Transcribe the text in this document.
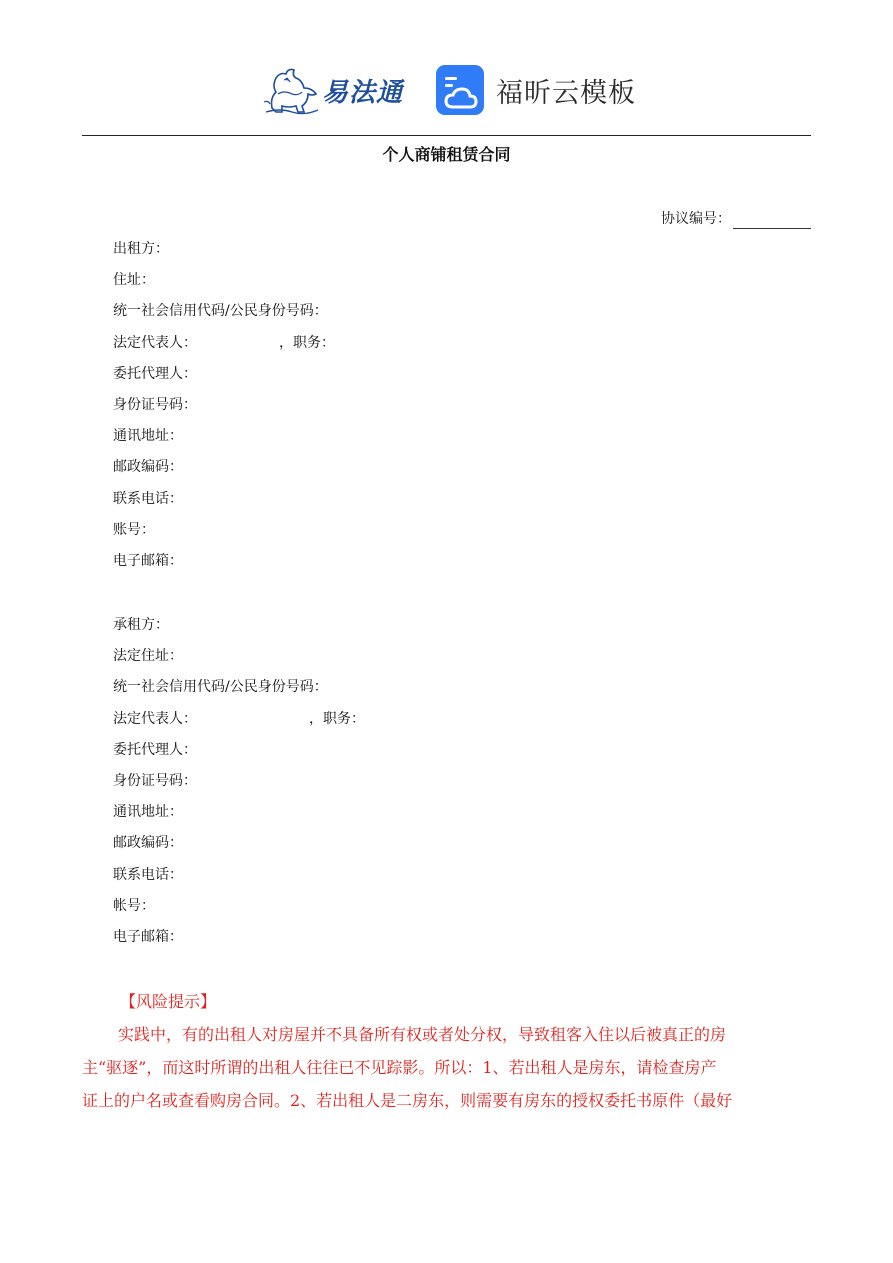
易法通	福昕云模板
个人商铺租赁合同
协议编号：
出租方：
住址：
统一社会信用代码/公民身份号码：
法定代表人：	，职务：
委托代理人：
身份证号码：
通讯地址：
邮政编码：
联系电话：
账号：
电子邮箱：
承租方：
法定住址：
统一社会信用代码/公民身份号码：
法定代表人：	，职务：
委托代理人：
身份证号码：
通讯地址：
邮政编码：
联系电话：
帐号：
电子邮箱：
【风险提示】
实践中，有的出租人对房屋并不具备所有权或者处分权，导致租客入住以后被真正的房
主“驱逐”，而这时所谓的出租人往往已不见踪影。所以：1、若出租人是房东，请检查房产
证上的户名或查看购房合同。2、若出租人是二房东，则需要有房东的授权委托书原件（最好
